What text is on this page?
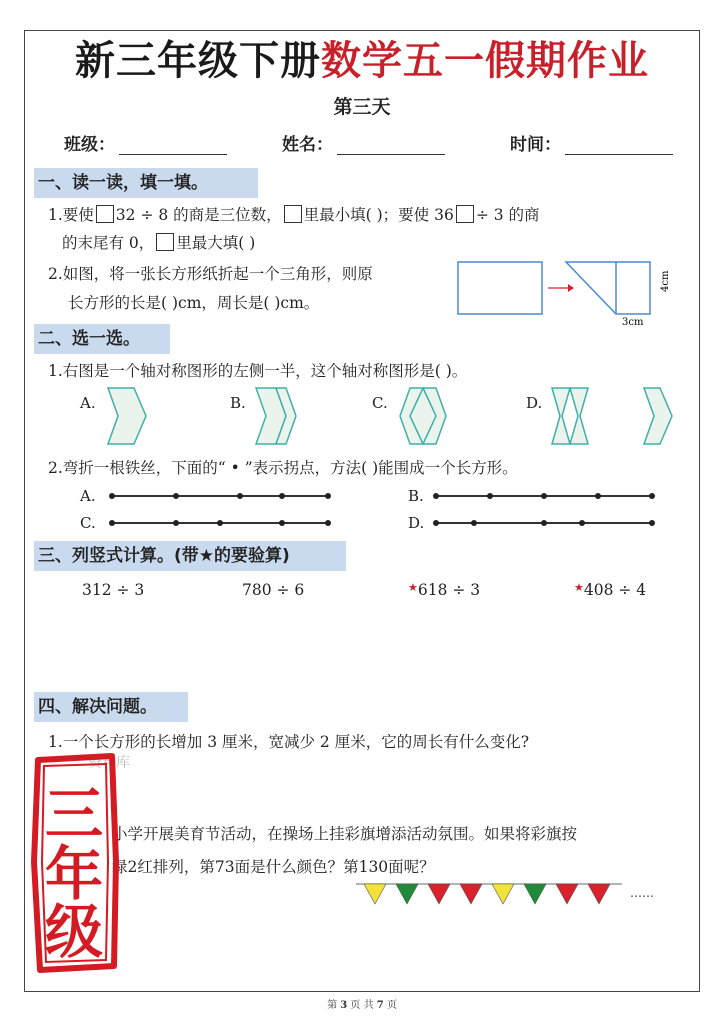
新三年级下册数学五一假期作业
第三天
班级：	姓名：	时间：
一、读一读，填一填。
1.要使 32 ÷ 8 的商是三位数， 里最小填( )；要使 36 ÷ 3 的商
的末尾有 0， 里最大填( )
2.如图，将一张长方形纸折起一个三角形，则原
长方形的长是( )cm，周长是( )cm。
4cm
3cm
二、选一选。
1.右图是一个轴对称图形的左侧一半，这个轴对称图形是( )。
A.	B.	C.	D.
2.弯折一根铁丝，下面的“ • ”表示拐点，方法( )能围成一个长方形。
A.	B.
C.	D.
三、列竖式计算。(带★的要验算)
312 ÷ 3	780 ÷ 6	★618 ÷ 3	★408 ÷ 4
四、解决问题。
1.一个长方形的长增加 3 厘米，宽减少 2 厘米，它的周长有什么变化?
资料库
小学开展美育节活动，在操场上挂彩旗增添活动氛围。如果将彩旗按
绿2红排列，第73面是什么颜色？第130面呢？
……
三
年
级
第 3 页 共 7 页
